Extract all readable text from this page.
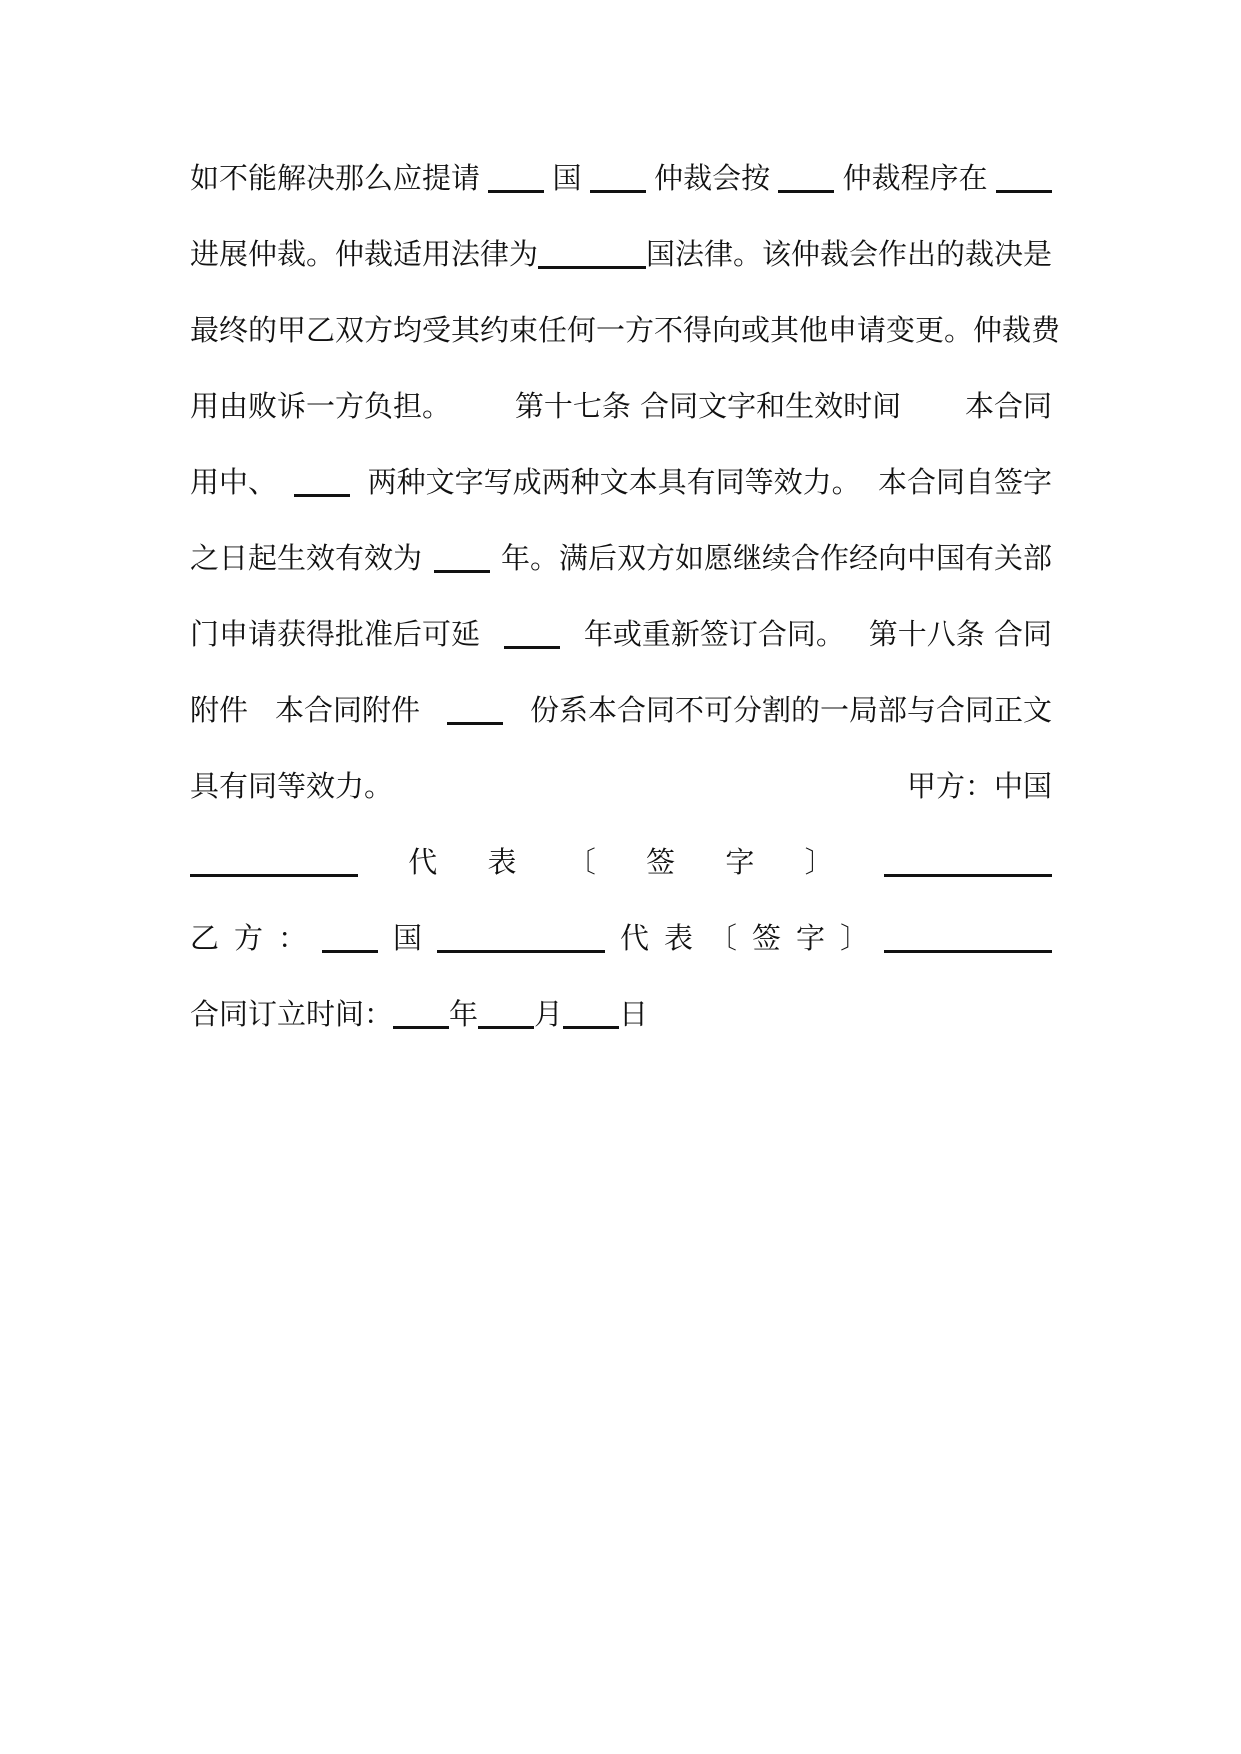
如不能解决那么应提请	国	仲裁会按	仲裁程序在
进展仲裁。仲裁适用法律为	国法律。该仲裁会作出的裁决是
最终的甲乙双方均受其约束任何一方不得向或其他申请变更。仲裁费
用由败诉一方负担。 第十七条 合同文字和生效时间 本合同
用中、	两种文字写成两种文本具有同等效力。 本合同自签字
之日起生效有效为	年。满后双方如愿继续合作经向中国有关部
门申请获得批准后可延	年或重新签订合同。 第十八条 合同
附件 本合同附件	份系本合同不可分割的一局部与合同正文
具有同等效力。	甲方：中国
代 表 〔 签 字 〕
乙 方 ：	国	代 表 〔 签 字 〕
合同订立时间： 年 月 日
